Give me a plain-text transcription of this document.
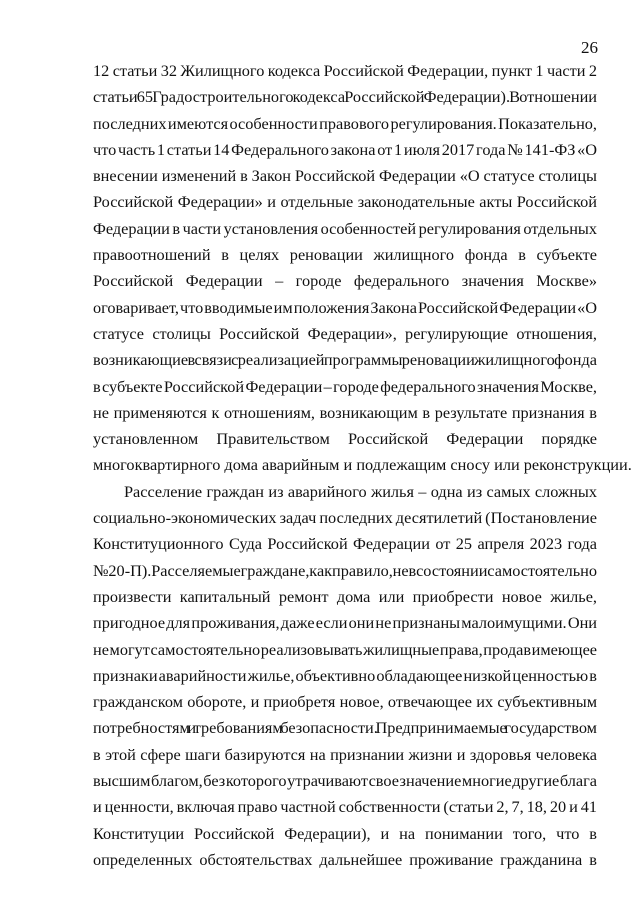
26

12 статьи 32 Жилищного кодекса Российской Федерации, пункт 1 части 2
статьи 65 Градостроительного кодекса Российской Федерации). В отношении
последних имеются особенности правового регулирования. Показательно,
что часть 1 статьи 14 Федерального закона от 1 июля 2017 года № 141-ФЗ «О
внесении изменений в Закон Российской Федерации «О статусе столицы
Российской Федерации» и отдельные законодательные акты Российской
Федерации в части установления особенностей регулирования отдельных
правоотношений в целях реновации жилищного фонда в субъекте
Российской Федерации – городе федерального значения Москве»
оговаривает, что вводимые им положения Закона Российской Федерации «О
статусе столицы Российской Федерации», регулирующие отношения,
возникающие в связи с реализацией программы реновации жилищного фонда
в субъекте Российской Федерации – городе федерального значения Москве,
не применяются к отношениям, возникающим в результате признания в
установленном Правительством Российской Федерации порядке
многоквартирного дома аварийным и подлежащим сносу или реконструкции.

Расселение граждан из аварийного жилья – одна из самых сложных
социально-экономических задач последних десятилетий (Постановление
Конституционного Суда Российской Федерации от 25 апреля 2023 года
№ 20-П). Расселяемые граждане, как правило, не в состоянии самостоятельно
произвести капитальный ремонт дома или приобрести новое жилье,
пригодное для проживания, даже если они не признаны малоимущими. Они
не могут самостоятельно реализовывать жилищные права, продав имеющее
признаки аварийности жилье, объективно обладающее низкой ценностью в
гражданском обороте, и приобретя новое, отвечающее их субъективным
потребностям и требованиям безопасности. Предпринимаемые государством
в этой сфере шаги базируются на признании жизни и здоровья человека
высшим благом, без которого утрачивают свое значение многие другие блага
и ценности, включая право частной собственности (статьи 2, 7, 18, 20 и 41
Конституции Российской Федерации), и на понимании того, что в
определенных обстоятельствах дальнейшее проживание гражданина в
